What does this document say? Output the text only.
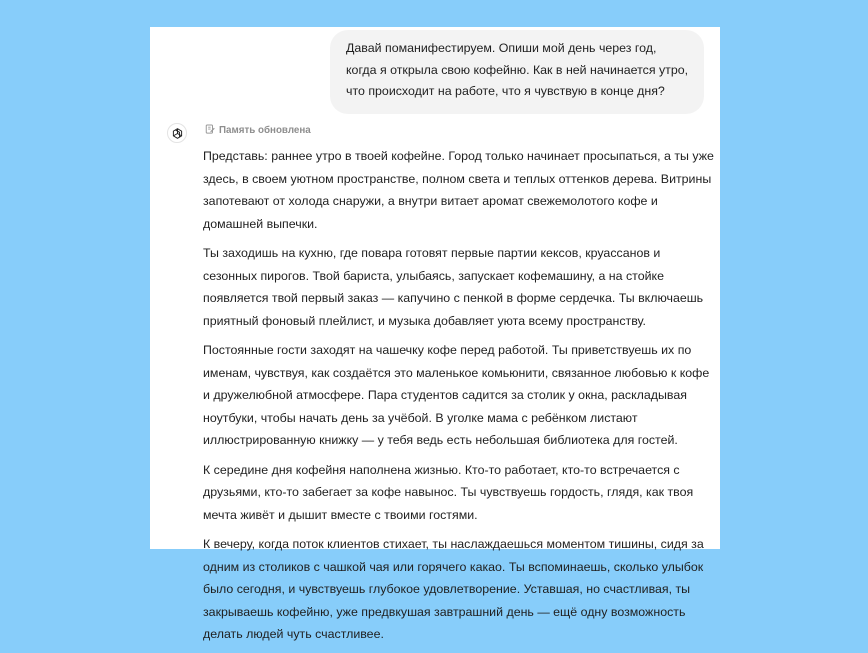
Давай поманифестируем. Опиши мой день через год, когда я открыла свою кофейню. Как в ней начинается утро, что происходит на работе, что я чувствую в конце дня?
Память обновлена

Представь: раннее утро в твоей кофейне. Город только начинает просыпаться, а ты уже здесь, в своем уютном пространстве, полном света и теплых оттенков дерева. Витрины запотевают от холода снаружи, а внутри витает аромат свежемолотого кофе и домашней выпечки.

Ты заходишь на кухню, где повара готовят первые партии кексов, круассанов и сезонных пирогов. Твой бариста, улыбаясь, запускает кофемашину, а на стойке появляется твой первый заказ — капучино с пенкой в форме сердечка. Ты включаешь приятный фоновый плейлист, и музыка добавляет уюта всему пространству.

Постоянные гости заходят на чашечку кофе перед работой. Ты приветствуешь их по именам, чувствуя, как создаётся это маленькое комьюнити, связанное любовью к кофе и дружелюбной атмосфере. Пара студентов садится за столик у окна, раскладывая ноутбуки, чтобы начать день за учёбой. В уголке мама с ребёнком листают иллюстрированную книжку — у тебя ведь есть небольшая библиотека для гостей.

К середине дня кофейня наполнена жизнью. Кто-то работает, кто-то встречается с друзьями, кто-то забегает за кофе навынос. Ты чувствуешь гордость, глядя, как твоя мечта живёт и дышит вместе с твоими гостями.

К вечеру, когда поток клиентов стихает, ты наслаждаешься моментом тишины, сидя за одним из столиков с чашкой чая или горячего какао. Ты вспоминаешь, сколько улыбок было сегодня, и чувствуешь глубокое удовлетворение. Уставшая, но счастливая, ты закрываешь кофейню, уже предвкушая завтрашний день — ещё одну возможность делать людей чуть счастливее.
